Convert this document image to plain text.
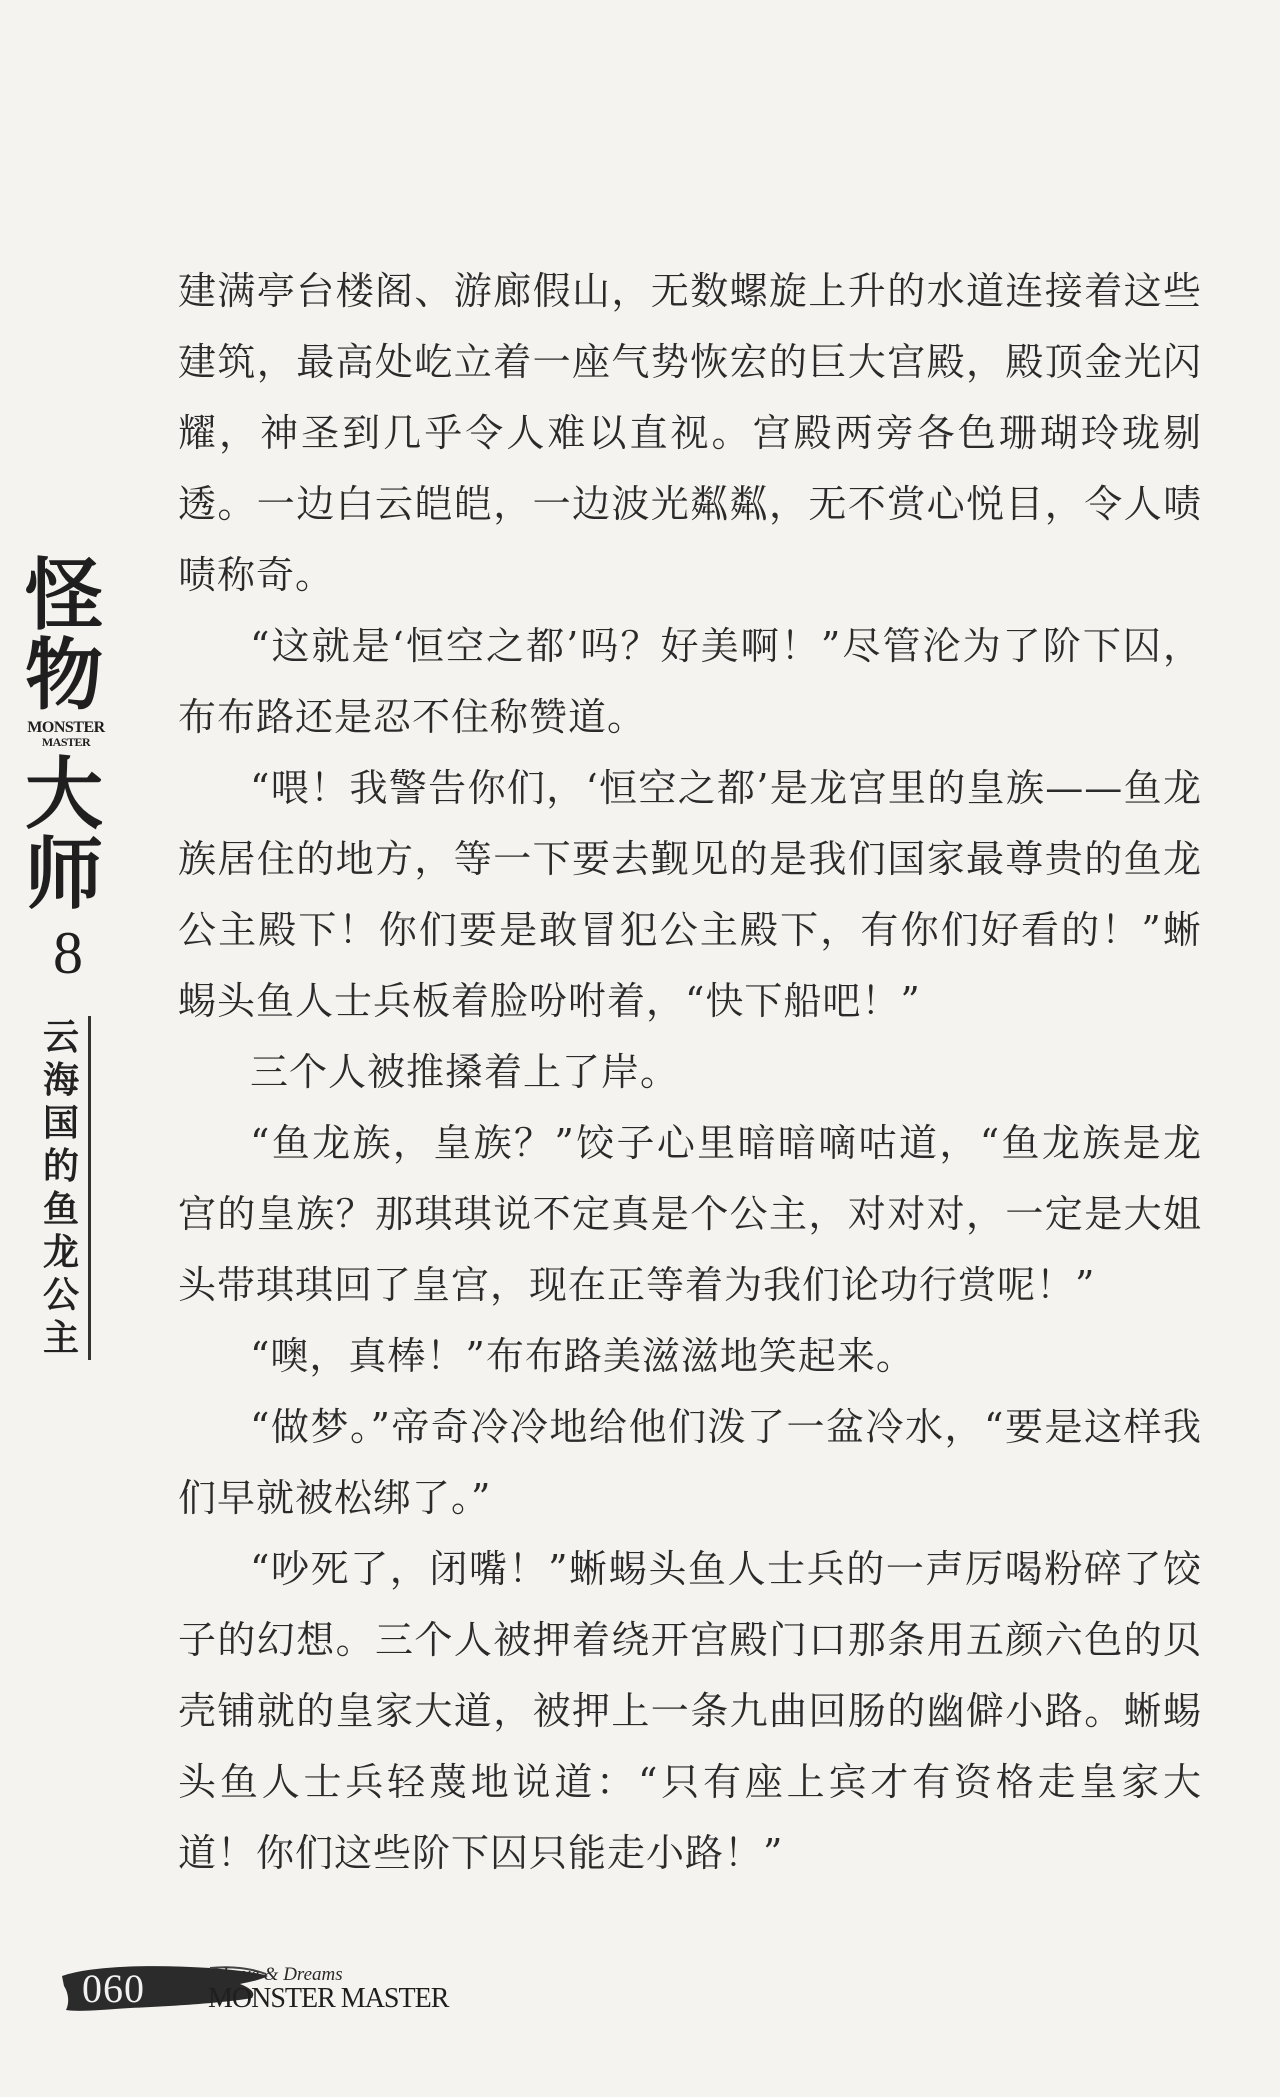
怪物
MONSTER
MASTER
大师
8
云
海
国
的
鱼
龙
公
主

建满亭台楼阁、游廊假山，无数螺旋上升的水道连接着这些建筑，最高处屹立着一座气势恢宏的巨大宫殿，殿顶金光闪耀，神圣到几乎令人难以直视。宫殿两旁各色珊瑚玲珑剔透。一边白云皑皑，一边波光粼粼，无不赏心悦目，令人啧啧称奇。

“这就是‘恒空之都’吗？好美啊！”尽管沦为了阶下囚，布布路还是忍不住称赞道。

“喂！我警告你们，‘恒空之都’是龙宫里的皇族——鱼龙族居住的地方，等一下要去觐见的是我们国家最尊贵的鱼龙公主殿下！你们要是敢冒犯公主殿下，有你们好看的！”蜥蜴头鱼人士兵板着脸吩咐着，“快下船吧！”

三个人被推搡着上了岸。

“鱼龙族，皇族？”饺子心里暗暗嘀咕道，“鱼龙族是龙宫的皇族？那琪琪说不定真是个公主，对对对，一定是大姐头带琪琪回了皇宫，现在正等着为我们论功行赏呢！”

“噢，真棒！”布布路美滋滋地笑起来。

“做梦。”帝奇冷冷地给他们泼了一盆冷水，“要是这样我们早就被松绑了。”

“吵死了，闭嘴！”蜥蜴头鱼人士兵的一声厉喝粉碎了饺子的幻想。三个人被押着绕开宫殿门口那条用五颜六色的贝壳铺就的皇家大道，被押上一条九曲回肠的幽僻小路。蜥蜴头鱼人士兵轻蔑地说道：“只有座上宾才有资格走皇家大道！你们这些阶下囚只能走小路！”

060	Love & Dreams
MONSTER MASTER
